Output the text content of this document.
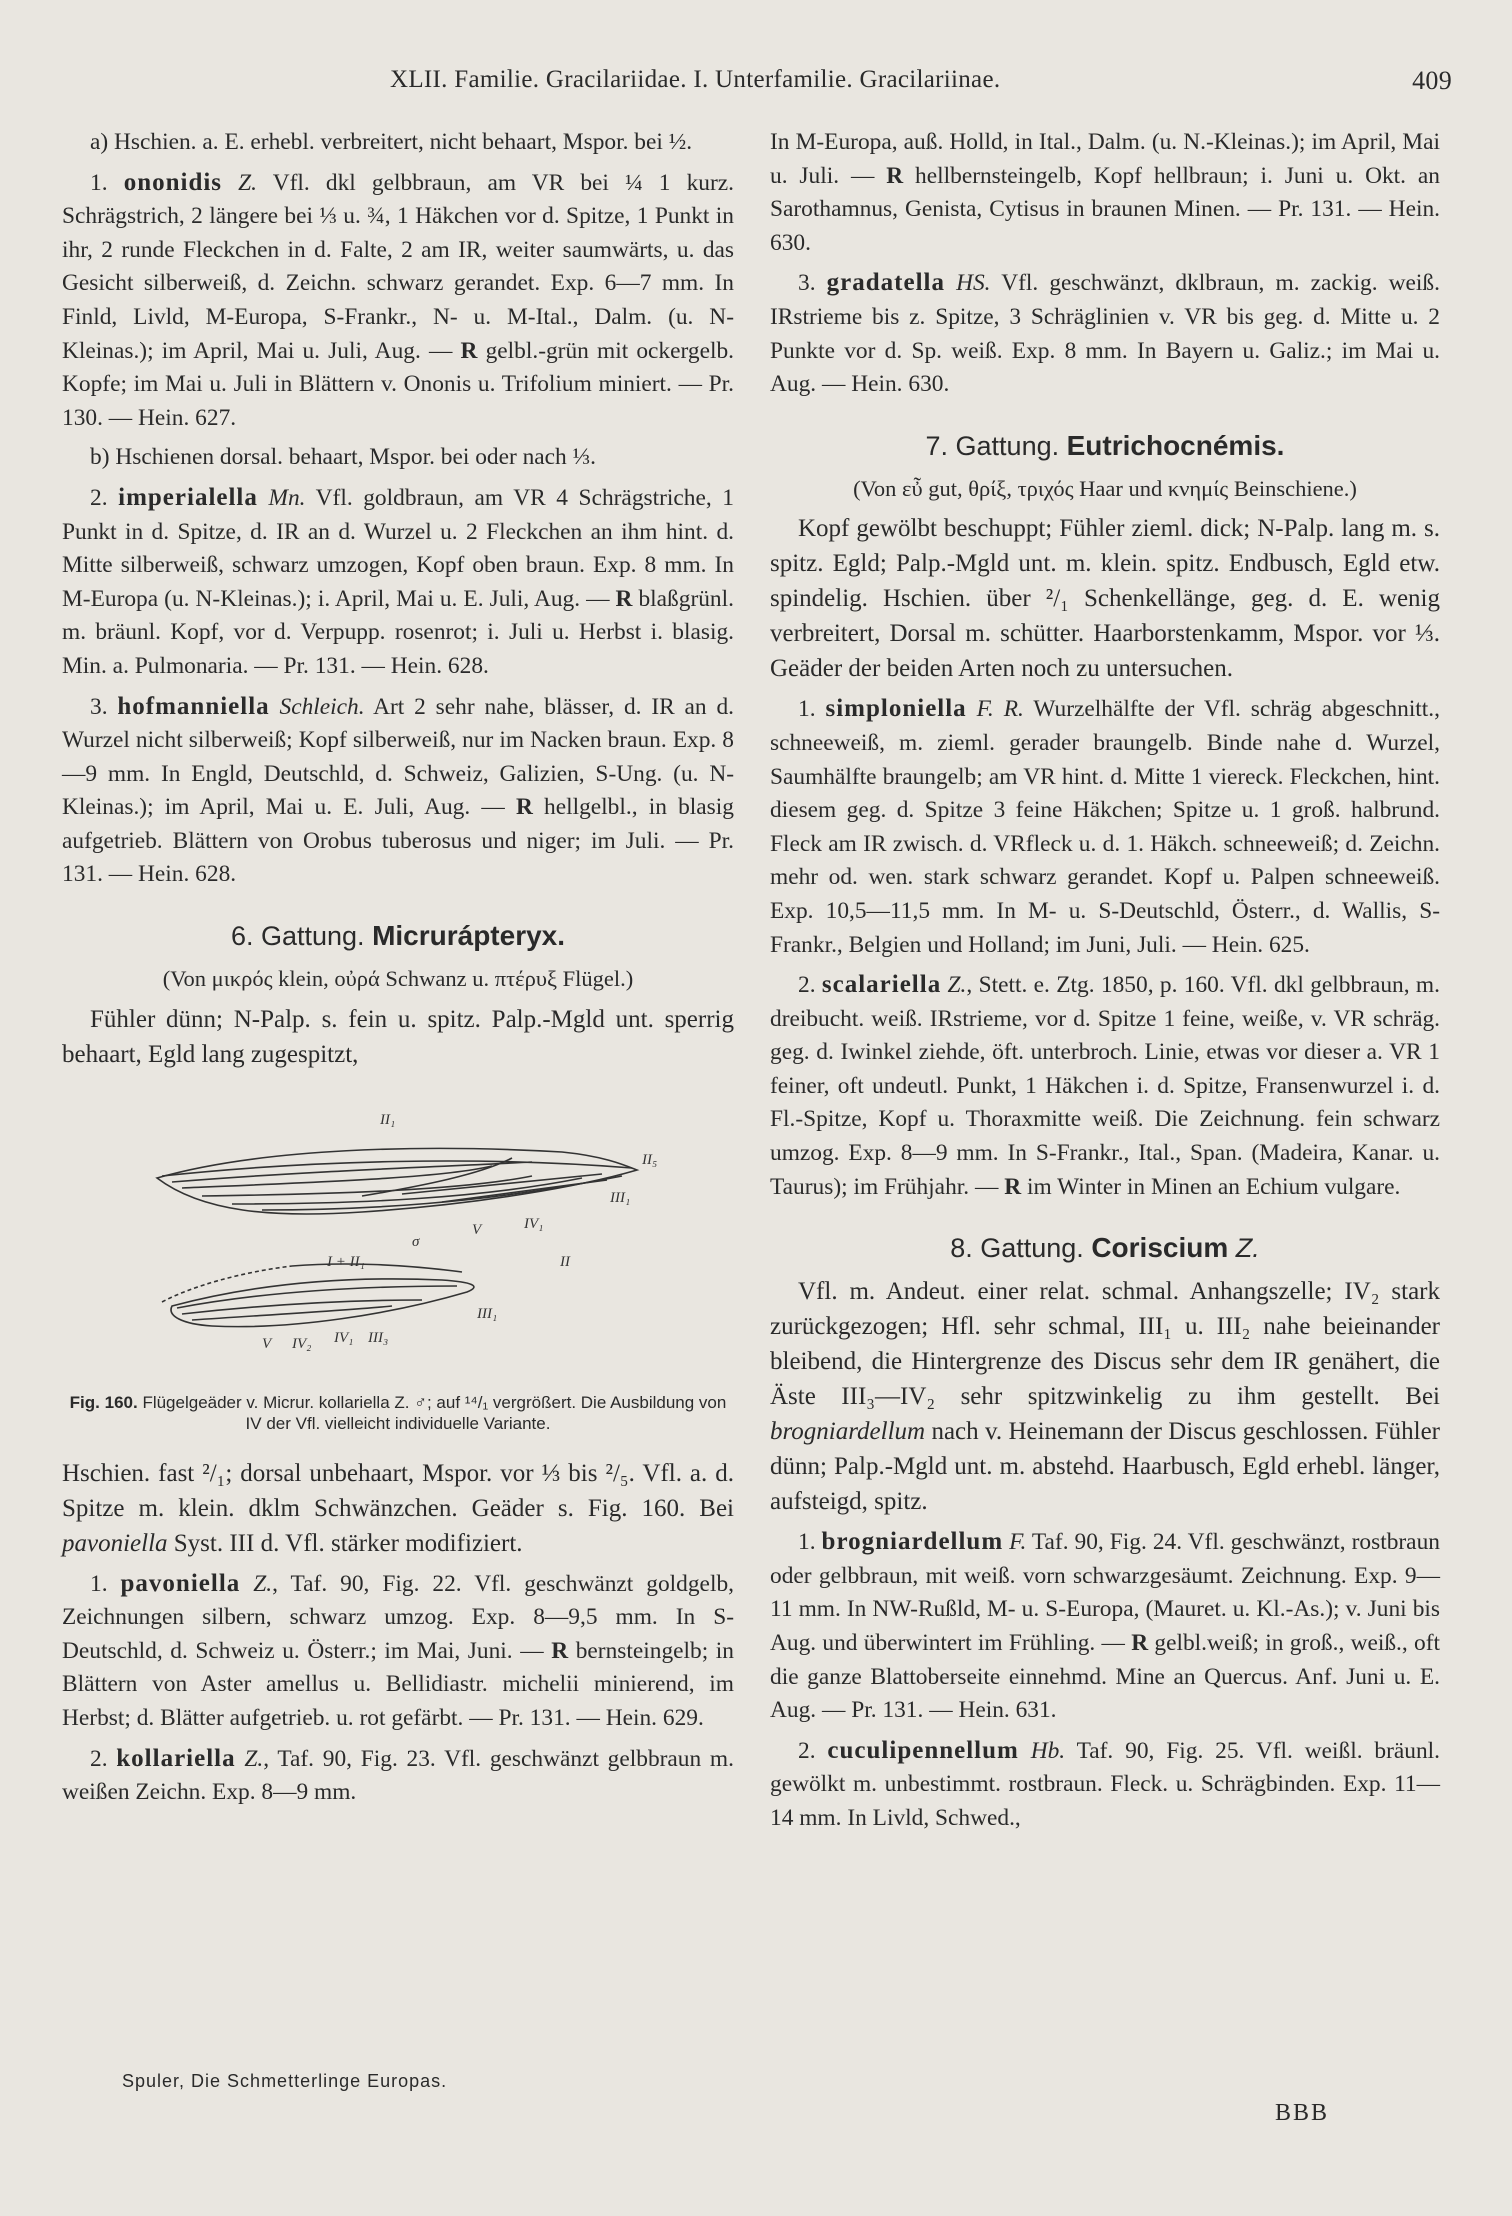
XLII. Familie. Gracilariidae. I. Unterfamilie. Gracilariinae.	409

a) Hschien. a. E. erhebl. verbreitert, nicht behaart, Mspor. bei ½.

1. ononidis Z. Vfl. dkl gelbbraun, am VR bei ¼ 1 kurz. Schrägstrich, 2 längere bei ⅓ u. ¾, 1 Häkchen vor d. Spitze, 1 Punkt in ihr, 2 runde Fleckchen in d. Falte, 2 am IR, weiter saumwärts, u. das Gesicht silberweiß, d. Zeichn. schwarz gerandet. Exp. 6—7 mm. In Finld, Livld, M-Europa, S-Frankr., N- u. M-Ital., Dalm. (u. N-Kleinas.); im April, Mai u. Juli, Aug. — R gelbl.-grün mit ockergelb. Kopfe; im Mai u. Juli in Blättern v. Ononis u. Trifolium miniert. — Pr. 130. — Hein. 627.

b) Hschienen dorsal. behaart, Mspor. bei oder nach ⅓.

2. imperialella Mn. Vfl. goldbraun, am VR 4 Schrägstriche, 1 Punkt in d. Spitze, d. IR an d. Wurzel u. 2 Fleckchen an ihm hint. d. Mitte silberweiß, schwarz umzogen, Kopf oben braun. Exp. 8 mm. In M-Europa (u. N-Kleinas.); i. April, Mai u. E. Juli, Aug. — R blaßgrünl. m. bräunl. Kopf, vor d. Verpupp. rosenrot; i. Juli u. Herbst i. blasig. Min. a. Pulmonaria. — Pr. 131. — Hein. 628.

3. hofmanniella Schleich. Art 2 sehr nahe, blässer, d. IR an d. Wurzel nicht silberweiß; Kopf silberweiß, nur im Nacken braun. Exp. 8—9 mm. In Engld, Deutschld, d. Schweiz, Galizien, S-Ung. (u. N-Kleinas.); im April, Mai u. E. Juli, Aug. — R hellgelbl., in blasig aufgetrieb. Blättern von Orobus tuberosus und niger; im Juli. — Pr. 131. — Hein. 628.

6. Gattung. Micrurápteryx.
(Von μικρός klein, οὐρά Schwanz u. πτέρυξ Flügel.)

Fühler dünn; N-Palp. s. fein u. spitz. Palp.-Mgld unt. sperrig behaart, Egld lang zugespitzt,

II₁
II₅
III₁
IV₁
V
σ
I + II₁	II
III₁
V IV₂ IV₁ III₃
Fig. 160. Flügelgeäder v. Micrur. kollariella Z. ♂; auf ¹⁴/₁ vergrößert. Die Ausbildung von IV der Vfl. vielleicht individuelle Variante.

Hschien. fast ²/₁; dorsal unbehaart, Mspor. vor ⅓ bis ²/₅. Vfl. a. d. Spitze m. klein. dklm Schwänzchen. Geäder s. Fig. 160. Bei pavoniella Syst. III d. Vfl. stärker modifiziert.

1. pavoniella Z., Taf. 90, Fig. 22. Vfl. geschwänzt goldgelb, Zeichnungen silbern, schwarz umzog. Exp. 8—9,5 mm. In S-Deutschld, d. Schweiz u. Österr.; im Mai, Juni. — R bernsteingelb; in Blättern von Aster amellus u. Bellidiastr. michelii minierend, im Herbst; d. Blätter aufgetrieb. u. rot gefärbt. — Pr. 131. — Hein. 629.

2. kollariella Z., Taf. 90, Fig. 23. Vfl. geschwänzt gelbbraun m. weißen Zeichn. Exp. 8—9 mm.

In M-Europa, auß. Holld, in Ital., Dalm. (u. N.-Kleinas.); im April, Mai u. Juli. — R hellbernsteingelb, Kopf hellbraun; i. Juni u. Okt. an Sarothamnus, Genista, Cytisus in braunen Minen. — Pr. 131. — Hein. 630.

3. gradatella HS. Vfl. geschwänzt, dklbraun, m. zackig. weiß. IRstrieme bis z. Spitze, 3 Schräglinien v. VR bis geg. d. Mitte u. 2 Punkte vor d. Sp. weiß. Exp. 8 mm. In Bayern u. Galiz.; im Mai u. Aug. — Hein. 630.

7. Gattung. Eutrichocnémis.
(Von εὖ gut, θρίξ, τριχός Haar und κνημίς Beinschiene.)

Kopf gewölbt beschuppt; Fühler zieml. dick; N-Palp. lang m. s. spitz. Egld; Palp.-Mgld unt. m. klein. spitz. Endbusch, Egld etw. spindelig. Hschien. über ²/₁ Schenkellänge, geg. d. E. wenig verbreitert, Dorsal m. schütter. Haarborstenkamm, Mspor. vor ⅓. Geäder der beiden Arten noch zu untersuchen.

1. simploniella F. R. Wurzelhälfte der Vfl. schräg abgeschnitt., schneeweiß, m. zieml. gerader braungelb. Binde nahe d. Wurzel, Saumhälfte braungelb; am VR hint. d. Mitte 1 viereck. Fleckchen, hint. diesem geg. d. Spitze 3 feine Häkchen; Spitze u. 1 groß. halbrund. Fleck am IR zwisch. d. VRfleck u. d. 1. Häkch. schneeweiß; d. Zeichn. mehr od. wen. stark schwarz gerandet. Kopf u. Palpen schneeweiß. Exp. 10,5—11,5 mm. In M- u. S-Deutschld, Österr., d. Wallis, S-Frankr., Belgien und Holland; im Juni, Juli. — Hein. 625.

2. scalariella Z., Stett. e. Ztg. 1850, p. 160. Vfl. dkl gelbbraun, m. dreibucht. weiß. IRstrieme, vor d. Spitze 1 feine, weiße, v. VR schräg. geg. d. Iwinkel ziehde, öft. unterbroch. Linie, etwas vor dieser a. VR 1 feiner, oft undeutl. Punkt, 1 Häkchen i. d. Spitze, Fransenwurzel i. d. Fl.-Spitze, Kopf u. Thoraxmitte weiß. Die Zeichnung. fein schwarz umzog. Exp. 8—9 mm. In S-Frankr., Ital., Span. (Madeira, Kanar. u. Taurus); im Frühjahr. — R im Winter in Minen an Echium vulgare.

8. Gattung. Coriscium Z.

Vfl. m. Andeut. einer relat. schmal. Anhangszelle; IV₂ stark zurückgezogen; Hfl. sehr schmal, III₁ u. III₂ nahe beieinander bleibend, die Hintergrenze des Discus sehr dem IR genähert, die Äste III₃—IV₂ sehr spitzwinkelig zu ihm gestellt. Bei brogniardellum nach v. Heinemann der Discus geschlossen. Fühler dünn; Palp.-Mgld unt. m. abstehd. Haarbusch, Egld erhebl. länger, aufsteigd, spitz.

1. brogniardellum F. Taf. 90, Fig. 24. Vfl. geschwänzt, rostbraun oder gelbbraun, mit weiß. vorn schwarzgesäumt. Zeichnung. Exp. 9—11 mm. In NW-Rußld, M- u. S-Europa, (Mauret. u. Kl.-As.); v. Juni bis Aug. und überwintert im Frühling. — R gelbl.weiß; in groß., weiß., oft die ganze Blattoberseite einnehmd. Mine an Quercus. Anf. Juni u. E. Aug. — Pr. 131. — Hein. 631.

2. cuculipennellum Hb. Taf. 90, Fig. 25. Vfl. weißl. bräunl. gewölkt m. unbestimmt. rostbraun. Fleck. u. Schrägbinden. Exp. 11—14 mm. In Livld, Schwed.,

Spuler, Die Schmetterlinge Europas.
BBB
